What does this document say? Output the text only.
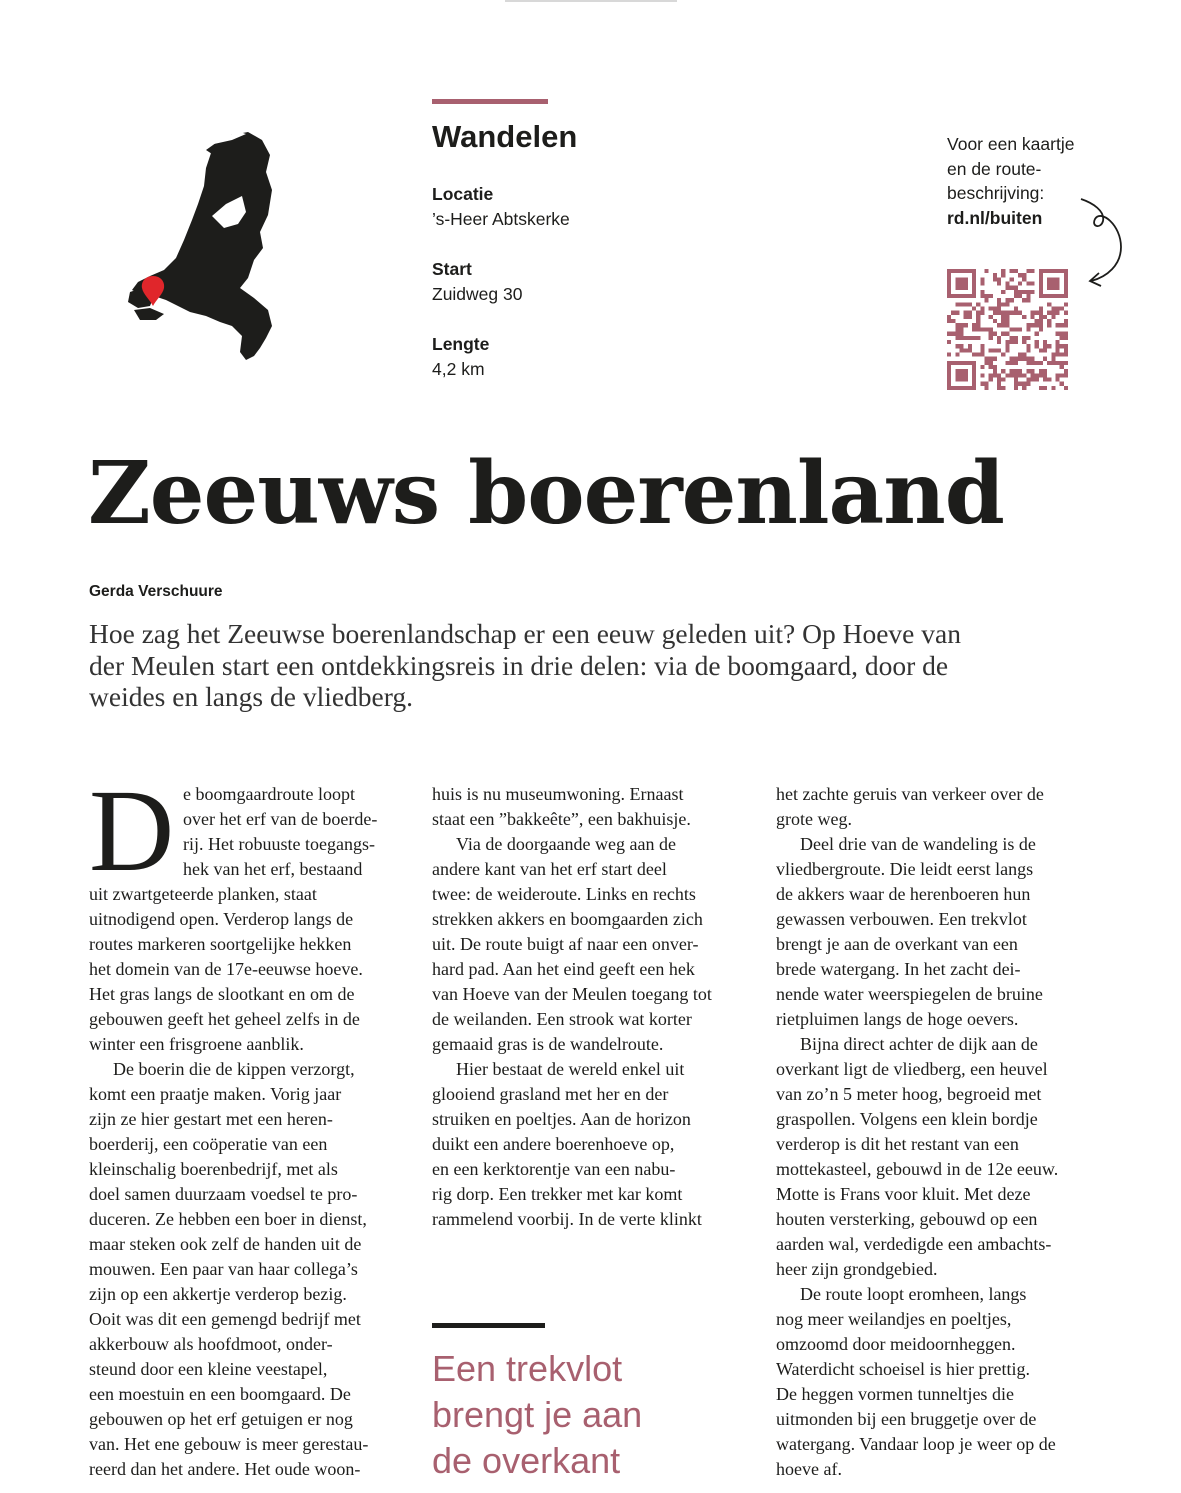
Wandelen
Locatie
’s-Heer Abtskerke
Start
Zuidweg 30
Lengte
4,2 km
Voor een kaartje
en de route-
beschrijving:
rd.nl/buiten
Zeeuws boerenland
Gerda Verschuure

Hoe zag het Zeeuwse boerenlandschap er een eeuw geleden uit? Op Hoeve van der Meulen start een ontdekkingsreis in drie delen: via de boomgaard, door de weides en langs de vliedberg.

D e boomgaardroute loopt
over het erf van de boerde-
rij. Het robuuste toegangs-
hek van het erf, bestaand
uit zwartgeteerde planken, staat
uitnodigend open. Verderop langs de
routes markeren soortgelijke hekken
het domein van de 17e-eeuwse hoeve.
Het gras langs de slootkant en om de
gebouwen geeft het geheel zelfs in de
winter een frisgroene aanblik.
De boerin die de kippen verzorgt,
komt een praatje maken. Vorig jaar
zijn ze hier gestart met een heren-
boerderij, een coöperatie van een
kleinschalig boerenbedrijf, met als
doel samen duurzaam voedsel te pro-
duceren. Ze hebben een boer in dienst,
maar steken ook zelf de handen uit de
mouwen. Een paar van haar collega’s
zijn op een akkertje verderop bezig.
Ooit was dit een gemengd bedrijf met
akkerbouw als hoofdmoot, onder-
steund door een kleine veestapel,
een moestuin en een boomgaard. De
gebouwen op het erf getuigen er nog
van. Het ene gebouw is meer gerestau-
reerd dan het andere. Het oude woon-
huis is nu museumwoning. Ernaast
staat een ”bakkeête”, een bakhuisje.
Via de doorgaande weg aan de
andere kant van het erf start deel
twee: de weideroute. Links en rechts
strekken akkers en boomgaarden zich
uit. De route buigt af naar een onver-
hard pad. Aan het eind geeft een hek
van Hoeve van der Meulen toegang tot
de weilanden. Een strook wat korter
gemaaid gras is de wandelroute.
Hier bestaat de wereld enkel uit
glooiend grasland met her en der
struiken en poeltjes. Aan de horizon
duikt een andere boerenhoeve op,
en een kerktorentje van een nabu-
rig dorp. Een trekker met kar komt
rammelend voorbij. In de verte klinkt
het zachte geruis van verkeer over de
grote weg.
Deel drie van de wandeling is de
vliedbergroute. Die leidt eerst langs
de akkers waar de herenboeren hun
gewassen verbouwen. Een trekvlot
brengt je aan de overkant van een
brede watergang. In het zacht dei-
nende water weerspiegelen de bruine
rietpluimen langs de hoge oevers.
Bijna direct achter de dijk aan de
overkant ligt de vliedberg, een heuvel
van zo’n 5 meter hoog, begroeid met
graspollen. Volgens een klein bordje
verderop is dit het restant van een
mottekasteel, gebouwd in de 12e eeuw.
Motte is Frans voor kluit. Met deze
houten versterking, gebouwd op een
aarden wal, verdedigde een ambachts-
heer zijn grondgebied.
De route loopt eromheen, langs
nog meer weilandjes en poeltjes,
omzoomd door meidoornheggen.
Waterdicht schoeisel is hier prettig.
De heggen vormen tunneltjes die
uitmonden bij een bruggetje over de
watergang. Vandaar loop je weer op de
hoeve af.

Een trekvlot
brengt je aan
de overkant
